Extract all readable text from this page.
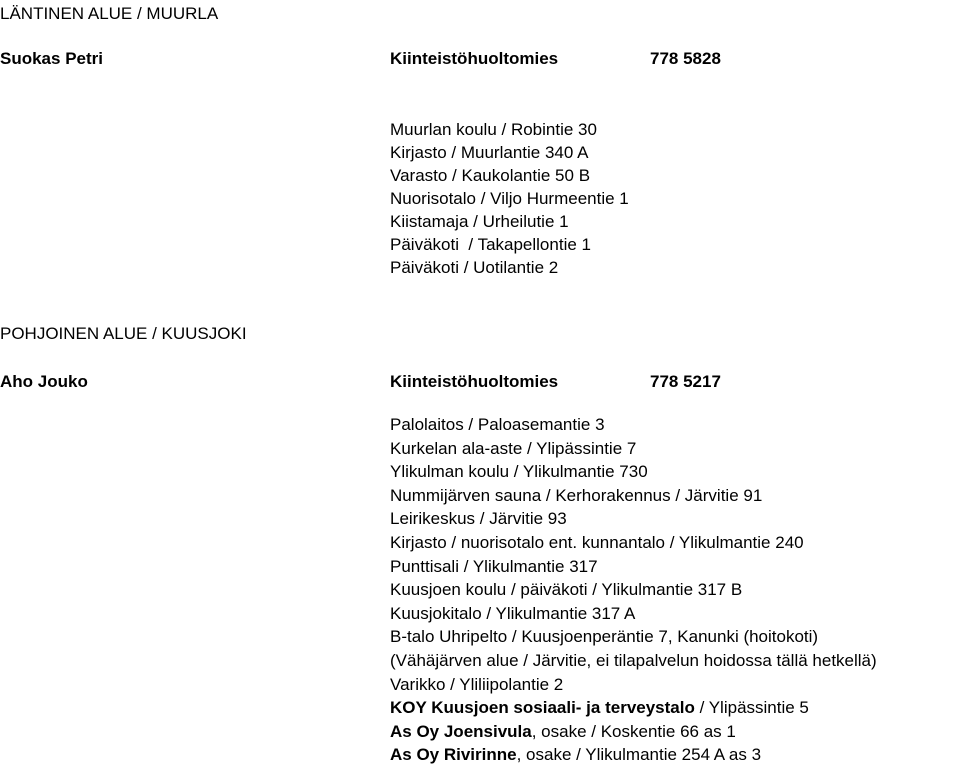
LÄNTINEN ALUE / MUURLA
Suokas Petri	Kiinteistöhuoltomies	778 5828
Muurlan koulu / Robintie 30
Kirjasto / Muurlantie 340 A
Varasto / Kaukolantie 50 B
Nuorisotalo / Viljo Hurmeentie 1
Kiistamaja / Urheilutie 1
Päiväkoti  / Takapellontie 1
Päiväkoti / Uotilantie 2
POHJOINEN ALUE / KUUSJOKI
Aho Jouko	Kiinteistöhuoltomies	778 5217
Palolaitos / Paloasemantie 3
Kurkelan ala-aste / Ylipässintie 7
Ylikulman koulu / Ylikulmantie 730
Nummijärven sauna / Kerhorakennus / Järvitie 91
Leirikeskus / Järvitie 93
Kirjasto / nuorisotalo ent. kunnantalo / Ylikulmantie 240
Punttisali / Ylikulmantie 317
Kuusjoen koulu / päiväkoti / Ylikulmantie 317 B
Kuusjokitalo / Ylikulmantie 317 A
B-talo Uhripelto / Kuusjoenperäntie 7, Kanunki (hoitokoti)
(Vähäjärven alue / Järvitie, ei tilapalvelun hoidossa tällä hetkellä)
Varikko / Yliliipolantie 2
KOY Kuusjoen sosiaali- ja terveystalo / Ylipässintie 5
As Oy Joensivula, osake / Koskentie 66 as 1
As Oy Rivirinne, osake / Ylikulmantie 254 A as 3
